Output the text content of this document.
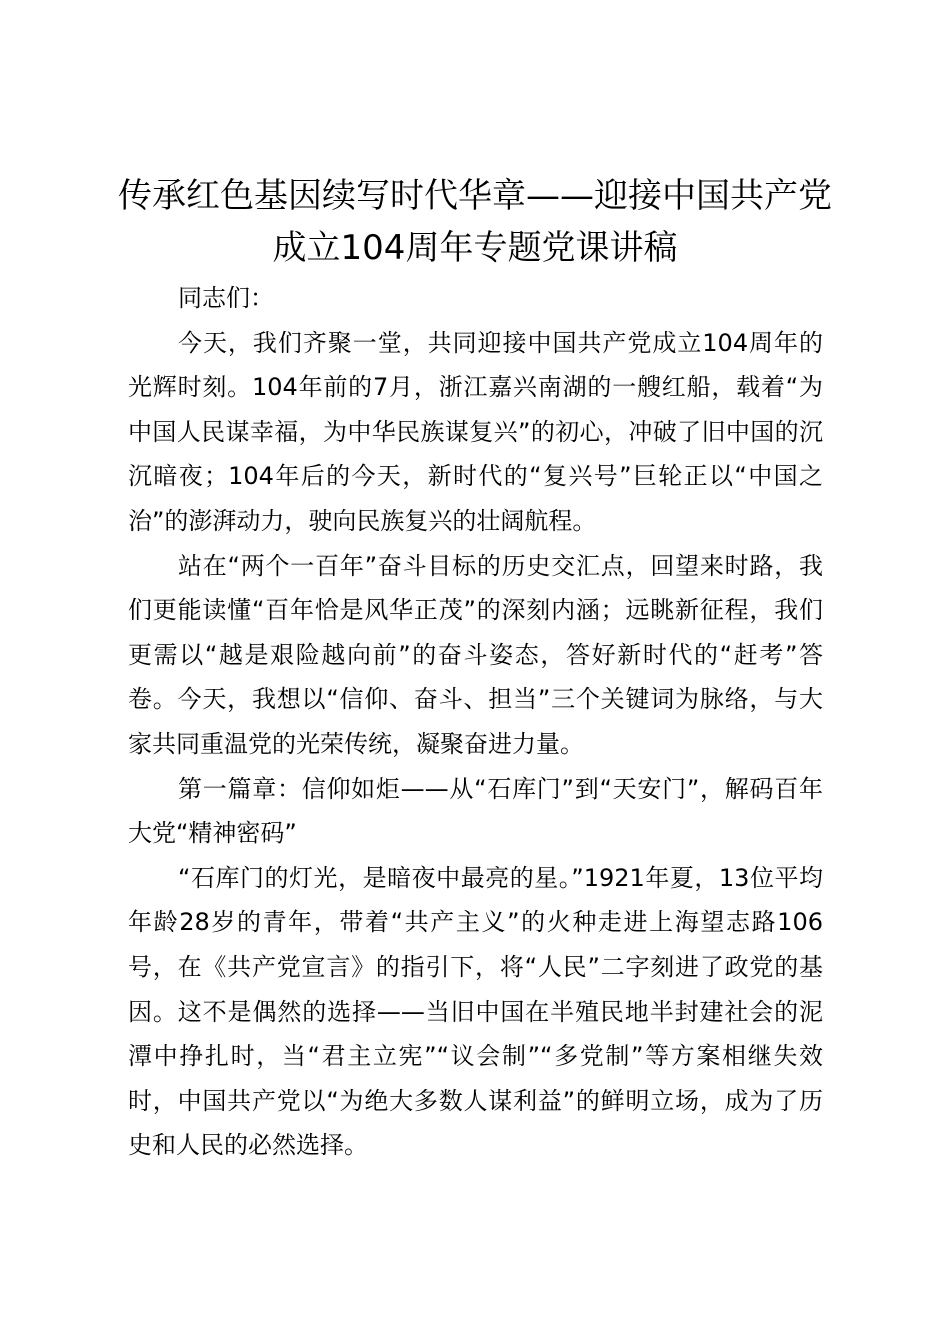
传承红色基因续写时代华章——迎接中国共产党成立104周年专题党课讲稿

同志们：

今天，我们齐聚一堂，共同迎接中国共产党成立104周年的光辉时刻。104年前的7月，浙江嘉兴南湖的一艘红船，载着“为中国人民谋幸福，为中华民族谋复兴”的初心，冲破了旧中国的沉沉暗夜；104年后的今天，新时代的“复兴号”巨轮正以“中国之治”的澎湃动力，驶向民族复兴的壮阔航程。

站在“两个一百年”奋斗目标的历史交汇点，回望来时路，我们更能读懂“百年恰是风华正茂”的深刻内涵；远眺新征程，我们更需以“越是艰险越向前”的奋斗姿态，答好新时代的“赶考”答卷。今天，我想以“信仰、奋斗、担当”三个关键词为脉络，与大家共同重温党的光荣传统，凝聚奋进力量。

第一篇章：信仰如炬——从“石库门”到“天安门”，解码百年大党“精神密码”

“石库门的灯光，是暗夜中最亮的星。”1921年夏，13位平均年龄28岁的青年，带着“共产主义”的火种走进上海望志路106号，在《共产党宣言》的指引下，将“人民”二字刻进了政党的基因。这不是偶然的选择——当旧中国在半殖民地半封建社会的泥潭中挣扎时，当“君主立宪”“议会制”“多党制”等方案相继失效时，中国共产党以“为绝大多数人谋利益”的鲜明立场，成为了历史和人民的必然选择。
